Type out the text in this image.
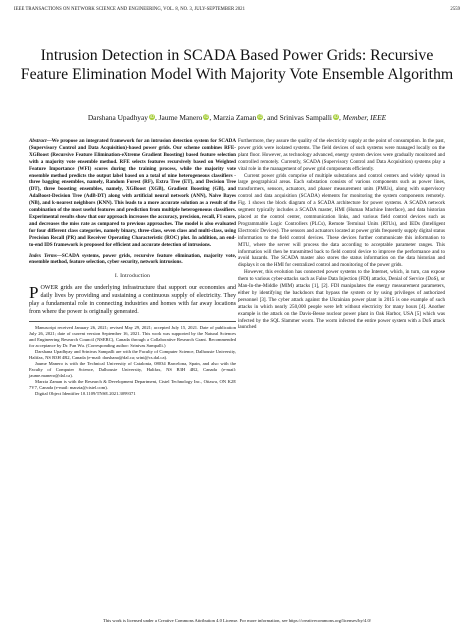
IEEE TRANSACTIONS ON NETWORK SCIENCE AND ENGINEERING, VOL. 8, NO. 3, JULY-SEPTEMBER 2021	2559
Intrusion Detection in SCADA Based Power Grids: Recursive Feature Elimination Model With Majority Vote Ensemble Algorithm
Darshana Upadhyay iD, Jaume Manero iD, Marzia Zaman iD, and Srinivas Sampalli iD, Member, IEEE

Abstract—We propose an integrated framework for an intrusion detection system for SCADA (Supervisory Control and Data Acquisition)-based power grids. Our scheme combines RFE-XGBoost (Recursive Feature Elimination-eXtreme Gradient Boosting) based feature selection with a majority vote ensemble method. RFE selects features recursively based on Weighted Feature Importance (WFI) scores during the training process, while the majority vote ensemble method predicts the output label based on a total of nine heterogeneous classifiers - three bagging ensembles, namely, Random Forest (RF), Extra Tree (ET), and Decision Tree (DT), three boosting ensembles, namely, XGBoost (XGB), Gradient Boosting (GB), and AdaBoost-Decision Tree (AdB-DT) along with artificial neural network (ANN), Naive Bayes (NB), and k-nearest neighbors (KNN). This leads to a more accurate solution as a result of the combination of the most useful features and prediction from multiple heterogeneous classifiers. Experimental results show that our approach increases the accuracy, precision, recall, F1 score, and decreases the miss rate as compared to previous approaches. The model is also evaluated for four different class categories, namely binary, three-class, seven class and multi-class, using Precision Recall (PR) and Receiver Operating Characteristic (ROC) plot. In addition, an end-to-end IDS framework is proposed for efficient and accurate detection of intrusions.

Index Terms—SCADA systems, power grids, recursive feature elimination, majority vote, ensemble method, feature selection, cyber security, network intrusions.

I. Introduction

POWER grids are the underlying infrastructure that support our economies and daily lives by providing and sustaining a continuous supply of electricity. They play a fundamental role in connecting industries and homes with far away locations from where the power is originally generated.

Manuscript received January 26, 2021; revised May 29, 2021; accepted July 15, 2021. Date of publication July 26, 2021; date of current version September 16, 2021. This work was supported by the Natural Sciences and Engineering Research Council (NSERC), Canada through a Collaborative Research Grant. Recommended for acceptance by Dr. Fan Wu. (Corresponding author: Srinivas Sampalli.)

Darshana Upadhyay and Srinivas Sampalli are with the Faculty of Computer Science, Dalhousie University, Halifax, NS B3H 4R2, Canada (e-mail: darshana@dal.ca; srini@cs.dal.ca).

Jaume Manero is with the Technical University of Catalonia, 08034 Barcelona, Spain, and also with the Faculty of Computer Science, Dalhousie University, Halifax, NS B3H 4R2, Canada (e-mail: jaume.manero@dal.ca).

Marzia Zaman is with the Research & Development Department, Cistel Technology Inc., Ottawa, ON K2E 7V7, Canada (e-mail: marzia@cistel.com).

Digital Object Identifier 10.1109/TNSE.2021.3099371

Furthermore, they assure the quality of the electricity supply at the point of consumption. In the past, power grids were isolated systems. The field devices of such systems were managed locally on the plant floor. However, as technology advanced, energy system devices were gradually monitored and controlled remotely. Currently, SCADA (Supervisory Control and Data Acquisition) systems play a vital role in the management of power grid components efficiently.

Current power grids comprise of multiple substations and control centers and widely spread in large geographical areas. Each substation consists of various components such as power lines, transformers, sensors, actuators, and phaser measurement units (PMUs), along with supervisory control and data acquisition (SCADA) elements for monitoring the system components remotely. Fig. 1 shows the block diagram of a SCADA architecture for power systems. A SCADA network segment typically includes a SCADA master, HMI (Human Machine Interface), and data historian placed at the control center, communication links, and various field control devices such as Programmable Logic Controllers (PLCs), Remote Terminal Units (RTUs), and IEDs (Intelligent Electronic Devices). The sensors and actuators located at power grids frequently supply digital status information to the field control devices. These devices further communicate this information to MTU, where the server will process the data according to acceptable parameter ranges. This information will then be transmitted back to field control device to improve the performance and to avoid hazards. The SCADA master also stores the status information on the data historian and displays it on the HMI for centralized control and monitoring of the power grids.

However, this evolution has connected power systems to the Internet, which, in turn, can expose them to various cyber-attacks such as False Data Injection (FDI) attacks, Denial of Service (DoS), or Man-In-the-Middle (MIM) attacks [1], [2]. FDI manipulates the energy measurement parameters, either by identifying the backdoors that bypass the system or by using privileges of authorized personnel [3]. The cyber attack against the Ukrainian power plant in 2015 is one example of such attacks in which nearly 250,000 people were left without electricity for many hours [4]. Another example is the attack on the Davis-Besse nuclear power plant in Oak Harbor, USA [5] which was infected by the SQL Slammer worm. The worm infected the entire power system with a DoS attack launched

This work is licensed under a Creative Commons Attribution 4.0 License. For more information, see https://creativecommons.org/licenses/by/4.0/
